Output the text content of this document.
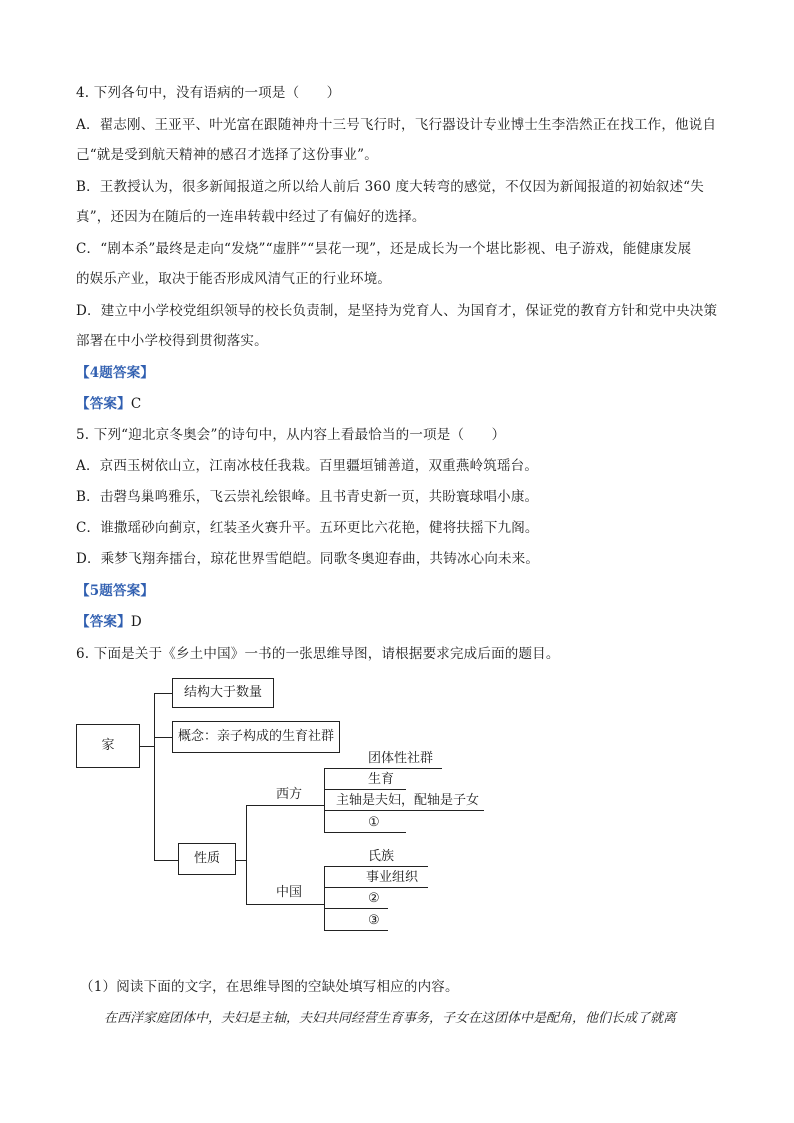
4. 下列各句中，没有语病的一项是（　　）
A．翟志刚、王亚平、叶光富在跟随神舟十三号飞行时，飞行器设计专业博士生李浩然正在找工作，他说自
己“就是受到航天精神的感召才选择了这份事业”。
B．王教授认为，很多新闻报道之所以给人前后 360 度大转弯的感觉，不仅因为新闻报道的初始叙述“失
真”，还因为在随后的一连串转载中经过了有偏好的选择。
C．“剧本杀”最终是走向“发烧”“虚胖”“昙花一现”，还是成长为一个堪比影视、电子游戏，能健康发展
的娱乐产业，取决于能否形成风清气正的行业环境。
D．建立中小学校党组织领导的校长负责制，是坚持为党育人、为国育才，保证党的教育方针和党中央决策
部署在中小学校得到贯彻落实。
【4题答案】
【答案】C
5. 下列“迎北京冬奥会”的诗句中，从内容上看最恰当的一项是（　　）
A．京西玉树依山立，江南冰枝任我栽。百里疆垣铺善道，双重燕岭筑瑶台。
B．击磬鸟巢鸣雅乐，飞云崇礼绘银峰。且书青史新一页，共盼寰球唱小康。
C．谁撒瑶砂向蓟京，红装圣火赛升平。五环更比六花艳，健将扶摇下九阁。
D．乘梦飞翔奔擂台，琼花世界雪皑皑。同歌冬奥迎春曲，共铸冰心向未来。
【5题答案】
【答案】D
6. 下面是关于《乡土中国》一书的一张思维导图，请根据要求完成后面的题目。
家
结构大于数量
概念：亲子构成的生育社群
性质
西方
中国
团体性社群
生育
主轴是夫妇，配轴是子女
①
氏族
事业组织
②
③
（1）阅读下面的文字，在思维导图的空缺处填写相应的内容。
在西洋家庭团体中，夫妇是主轴，夫妇共同经营生育事务，子女在这团体中是配角，他们长成了就离
